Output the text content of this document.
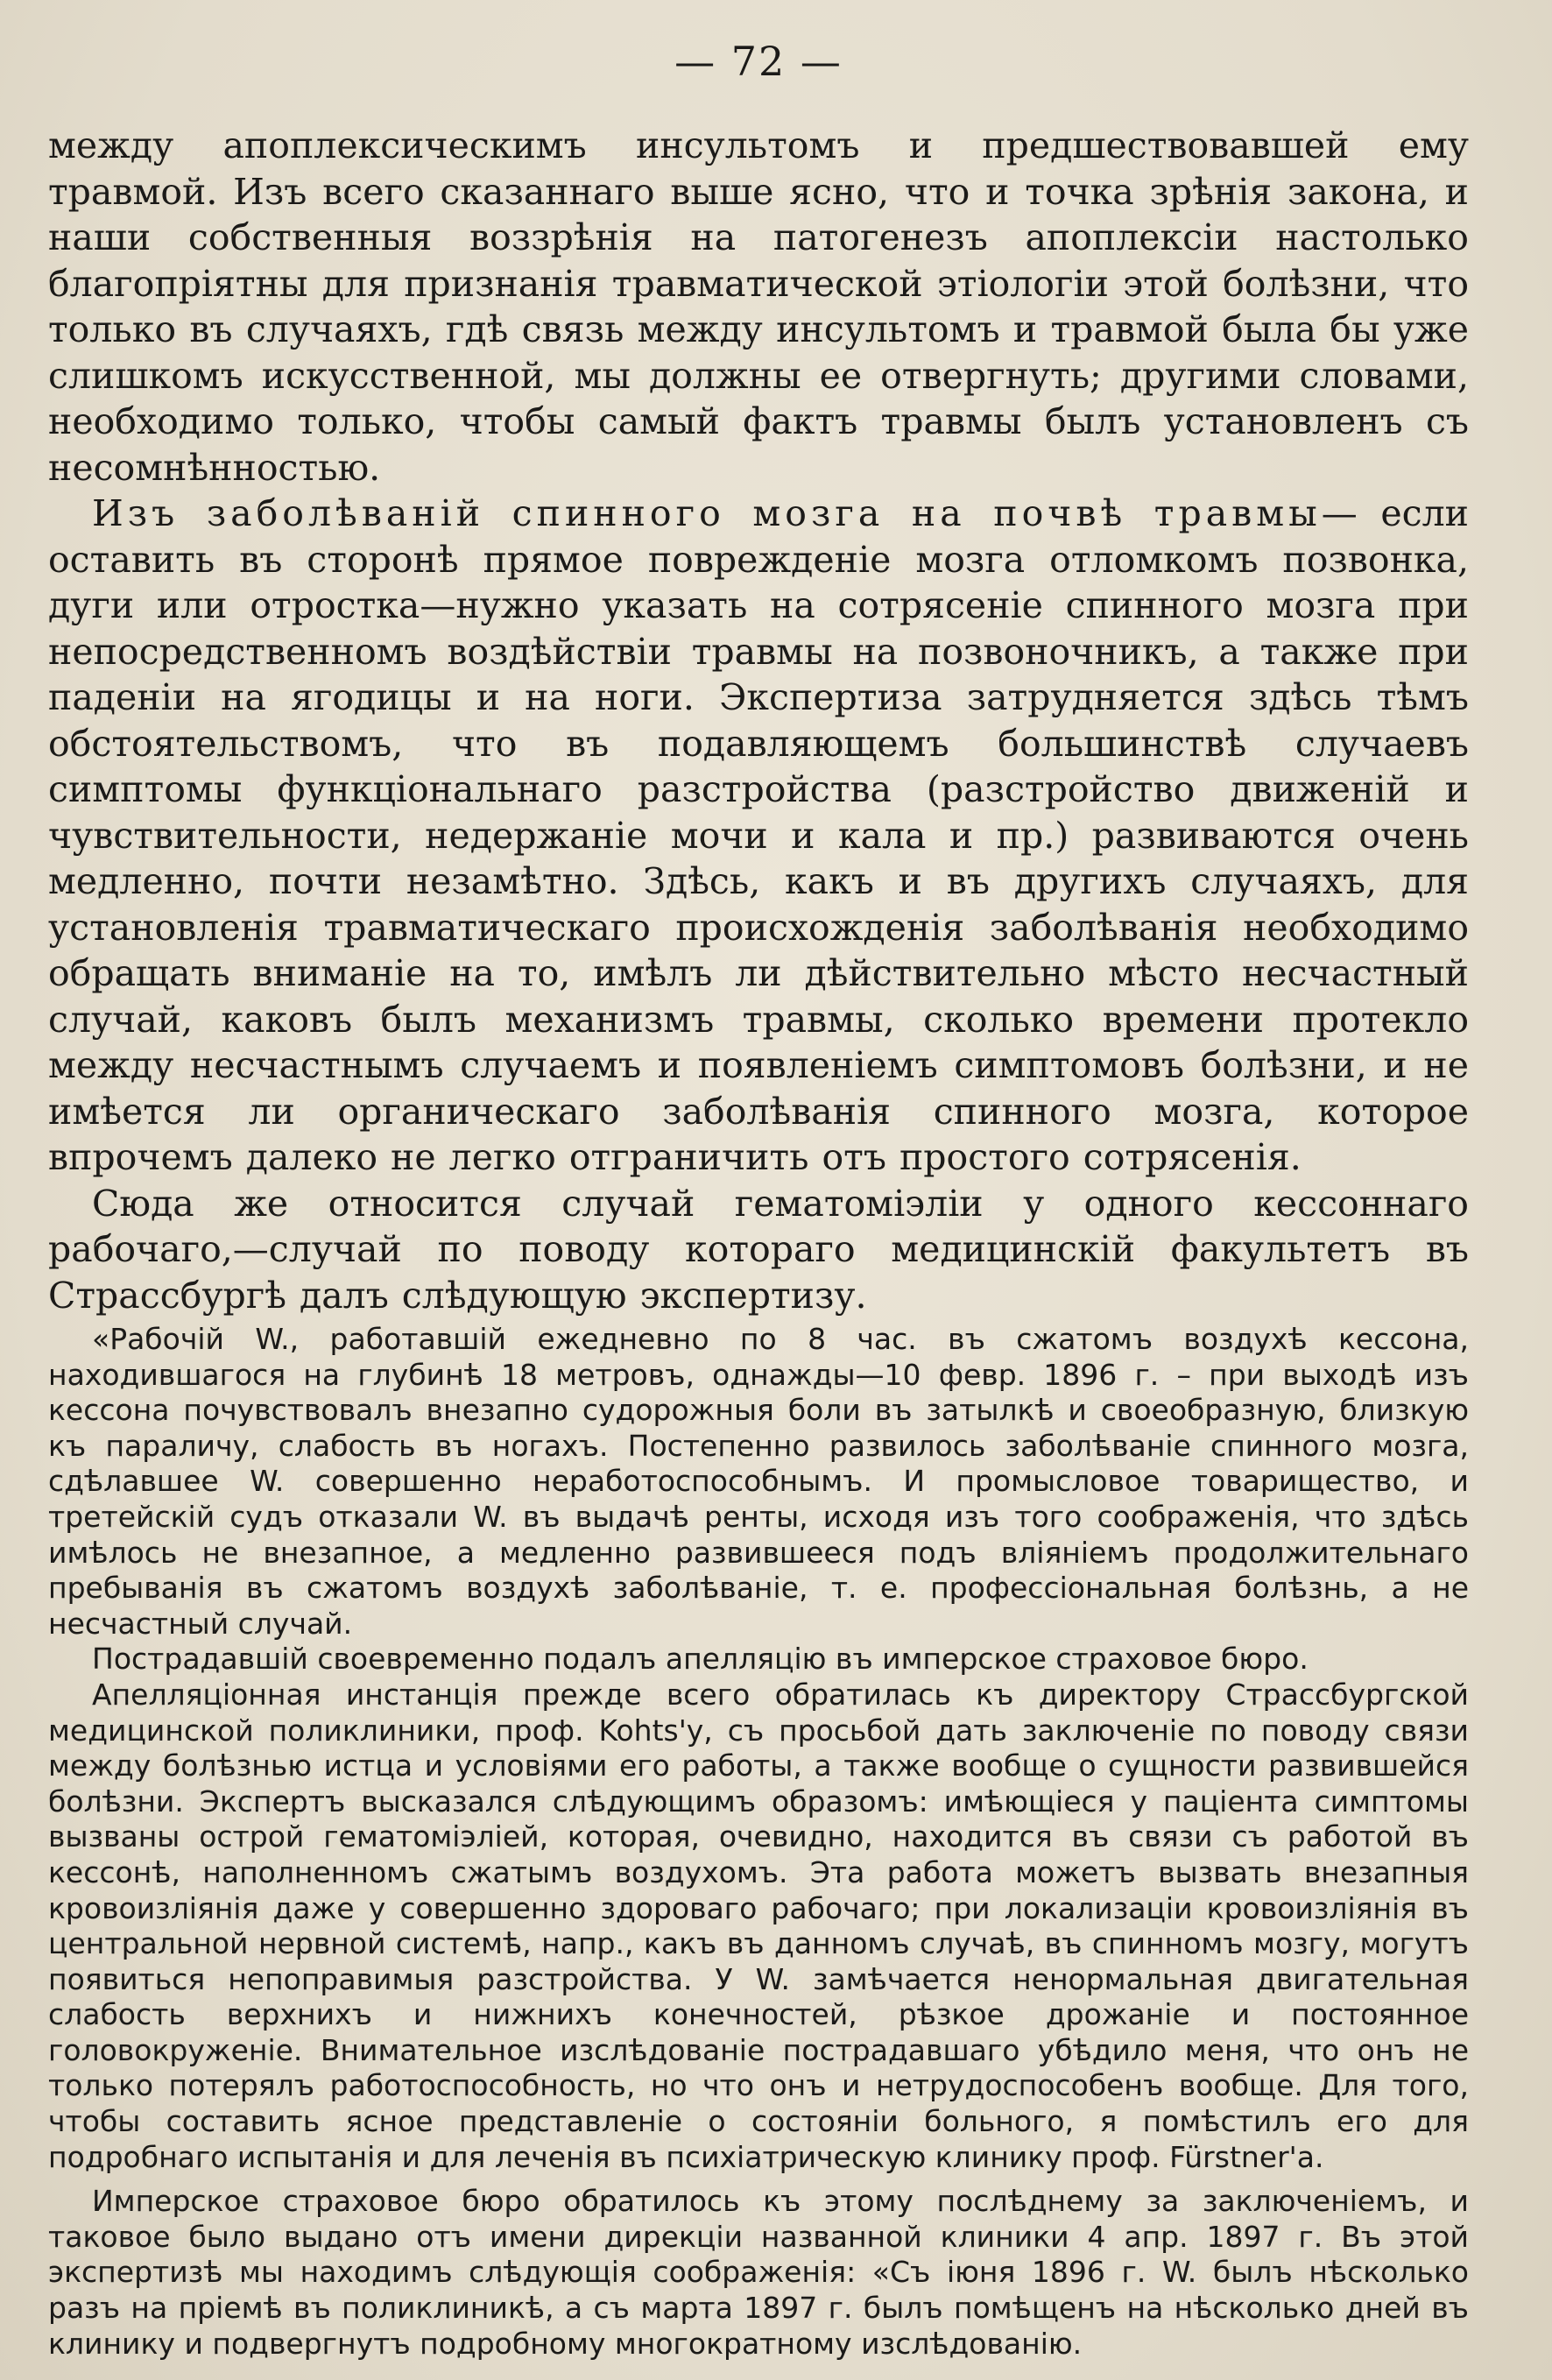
— 72 —

между апоплексическимъ инсультомъ и предшествовавшей ему травмой. Изъ всего сказаннаго выше ясно, что и точка зрѣнія закона, и наши собственныя воззрѣнія на патогенезъ апоплексіи настолько благопріятны для признанія травматической этіологіи этой болѣзни, что только въ случаяхъ, гдѣ связь между инсультомъ и травмой была бы уже слишкомъ искусственной, мы должны ее отвергнуть; другими словами, необходимо только, чтобы самый фактъ травмы былъ установленъ съ несомнѣнностью.

Изъ заболѣваній спинного мозга на почвѣ травмы— если оставить въ сторонѣ прямое поврежденіе мозга отломкомъ позвонка, дуги или отростка—нужно указать на сотрясеніе спинного мозга при непосредственномъ воздѣйствіи травмы на позвоночникъ, а также при паденіи на ягодицы и на ноги. Экспертиза затрудняется здѣсь тѣмъ обстоятельствомъ, что въ подавляющемъ большинствѣ случаевъ симптомы функціональнаго разстройства (разстройство движеній и чувствительности, недержаніе мочи и кала и пр.) развиваются очень медленно, почти незамѣтно. Здѣсь, какъ и въ другихъ случаяхъ, для установленія травматическаго происхожденія заболѣванія необходимо обращать вниманіе на то, имѣлъ ли дѣйствительно мѣсто несчастный случай, каковъ былъ механизмъ травмы, сколько времени протекло между несчастнымъ случаемъ и появленіемъ симптомовъ болѣзни, и не имѣется ли органическаго заболѣванія спинного мозга, которое впрочемъ далеко не легко отграничить отъ простого сотрясенія.

Сюда же относится случай гематоміэліи у одного кессоннаго рабочаго,—случай по поводу котораго медицинскій факультетъ въ Страссбургѣ далъ слѣдующую экспертизу.

«Рабочій W., работавшій ежедневно по 8 час. въ сжатомъ воздухѣ кессона, находившагося на глубинѣ 18 метровъ, однажды—10 февр. 1896 г. – при выходѣ изъ кессона почувствовалъ внезапно судорожныя боли въ затылкѣ и своеобразную, близкую къ параличу, слабость въ ногахъ. Постепенно развилось заболѣваніе спинного мозга, сдѣлавшее W. совершенно неработоспособнымъ. И промысловое товарищество, и третейскій судъ отказали W. въ выдачѣ ренты, исходя изъ того соображенія, что здѣсь имѣлось не внезапное, а медленно развившееся подъ вліяніемъ продолжительнаго пребыванія въ сжатомъ воздухѣ заболѣваніе, т. е. профессіональная болѣзнь, а не несчастный случай.

Пострадавшій своевременно подалъ апелляцію въ имперское страховое бюро.

Апелляціонная инстанція прежде всего обратилась къ директору Страссбургской медицинской поликлиники, проф. Kohts'у, съ просьбой дать заключеніе по поводу связи между болѣзнью истца и условіями его работы, а также вообще о сущности развившейся болѣзни. Экспертъ высказался слѣдующимъ образомъ: имѣющіеся у пацiента симптомы вызваны острой гематоміэліей, которая, очевидно, находится въ связи съ работой въ кессонѣ, наполненномъ сжатымъ воздухомъ. Эта работа можетъ вызвать внезапныя кровоизлiянія даже у совершенно здороваго рабочаго; при локализаціи кровоизлiянія въ центральной нервной системѣ, напр., какъ въ данномъ случаѣ, въ спинномъ мозгу, могутъ появиться непоправимыя разстройства. У W. замѣчается ненормальная двигательная слабость верхнихъ и нижнихъ конечностей, рѣзкое дрожаніе и постоянное головокруженіе. Внимательное изслѣдованіе пострадавшаго убѣдило меня, что онъ не только потерялъ работоспособность, но что онъ и нетрудоспособенъ вообще. Для того, чтобы составить ясное представленіе о состояніи больного, я помѣстилъ его для подробнаго испытанія и для леченія въ психіатрическую клинику проф. Fürstner'a.

Имперское страховое бюро обратилось къ этому послѣднему за заключеніемъ, и таковое было выдано отъ имени дирекціи названной клиники 4 апр. 1897 г. Въ этой экспертизѣ мы находимъ слѣдующія соображенія: «Съ іюня 1896 г. W. былъ нѣсколько разъ на пріемѣ въ поликлиникѣ, а съ марта 1897 г. былъ помѣщенъ на нѣсколько дней въ клинику и подвергнутъ подробному многократному изслѣдованію.
